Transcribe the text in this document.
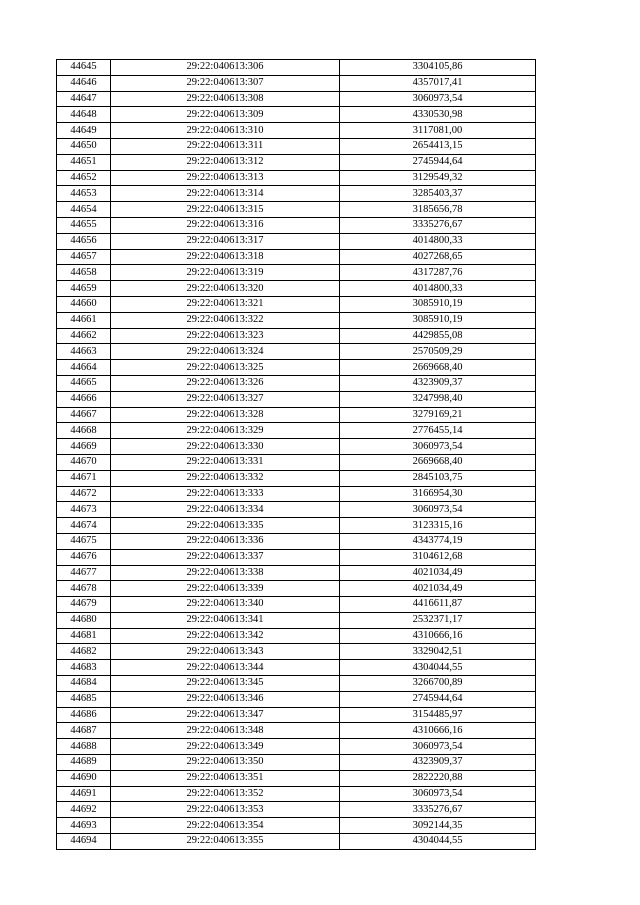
44645	29:22:040613:306	3304105,86
44646	29:22:040613:307	4357017,41
44647	29:22:040613:308	3060973,54
44648	29:22:040613:309	4330530,98
44649	29:22:040613:310	3117081,00
44650	29:22:040613:311	2654413,15
44651	29:22:040613:312	2745944,64
44652	29:22:040613:313	3129549,32
44653	29:22:040613:314	3285403,37
44654	29:22:040613:315	3185656,78
44655	29:22:040613:316	3335276,67
44656	29:22:040613:317	4014800,33
44657	29:22:040613:318	4027268,65
44658	29:22:040613:319	4317287,76
44659	29:22:040613:320	4014800,33
44660	29:22:040613:321	3085910,19
44661	29:22:040613:322	3085910,19
44662	29:22:040613:323	4429855,08
44663	29:22:040613:324	2570509,29
44664	29:22:040613:325	2669668,40
44665	29:22:040613:326	4323909,37
44666	29:22:040613:327	3247998,40
44667	29:22:040613:328	3279169,21
44668	29:22:040613:329	2776455,14
44669	29:22:040613:330	3060973,54
44670	29:22:040613:331	2669668,40
44671	29:22:040613:332	2845103,75
44672	29:22:040613:333	3166954,30
44673	29:22:040613:334	3060973,54
44674	29:22:040613:335	3123315,16
44675	29:22:040613:336	4343774,19
44676	29:22:040613:337	3104612,68
44677	29:22:040613:338	4021034,49
44678	29:22:040613:339	4021034,49
44679	29:22:040613:340	4416611,87
44680	29:22:040613:341	2532371,17
44681	29:22:040613:342	4310666,16
44682	29:22:040613:343	3329042,51
44683	29:22:040613:344	4304044,55
44684	29:22:040613:345	3266700,89
44685	29:22:040613:346	2745944,64
44686	29:22:040613:347	3154485,97
44687	29:22:040613:348	4310666,16
44688	29:22:040613:349	3060973,54
44689	29:22:040613:350	4323909,37
44690	29:22:040613:351	2822220,88
44691	29:22:040613:352	3060973,54
44692	29:22:040613:353	3335276,67
44693	29:22:040613:354	3092144,35
44694	29:22:040613:355	4304044,55
